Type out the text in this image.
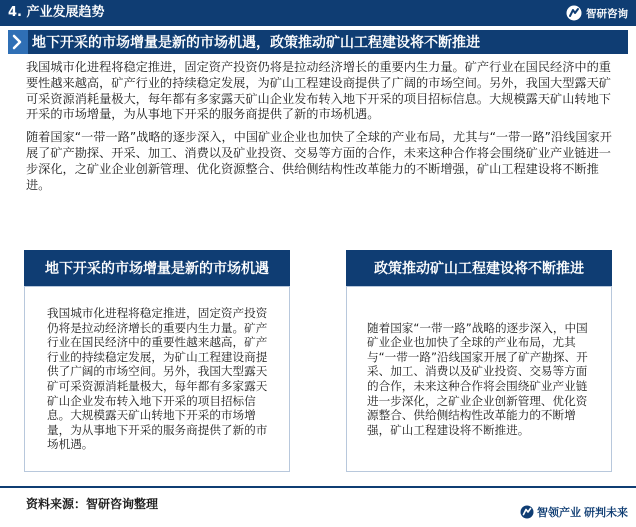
4. 产业发展趋势	智研咨询
地下开采的市场增量是新的市场机遇，政策推动矿山工程建设将不断推进

我国城市化进程将稳定推进，固定资产投资仍将是拉动经济增长的重要内生力量。矿产行业在国民经济中的重要性越来越高，矿产行业的持续稳定发展，为矿山工程建设商提供了广阔的市场空间。另外，我国大型露天矿可采资源消耗量极大，每年都有多家露天矿山企业发布转入地下开采的项目招标信息。大规模露天矿山转地下开采的市场增量，为从事地下开采的服务商提供了新的市场机遇。

随着国家“一带一路”战略的逐步深入，中国矿业企业也加快了全球的产业布局，尤其与“一带一路”沿线国家开展了矿产勘探、开采、加工、消费以及矿业投资、交易等方面的合作，未来这种合作将会围绕矿业产业链进一步深化，之矿业企业创新管理、优化资源整合、供给侧结构性改革能力的不断增强，矿山工程建设将不断推进。

地下开采的市场增量是新的市场机遇

我国城市化进程将稳定推进，固定资产投资仍将是拉动经济增长的重要内生力量。矿产行业在国民经济中的重要性越来越高，矿产行业的持续稳定发展，为矿山工程建设商提供了广阔的市场空间。另外，我国大型露天矿可采资源消耗量极大，每年都有多家露天矿山企业发布转入地下开采的项目招标信息。大规模露天矿山转地下开采的市场增量，为从事地下开采的服务商提供了新的市场机遇。

政策推动矿山工程建设将不断推进

随着国家“一带一路”战略的逐步深入，中国矿业企业也加快了全球的产业布局，尤其与“一带一路”沿线国家开展了矿产勘探、开采、加工、消费以及矿业投资、交易等方面的合作，未来这种合作将会围绕矿业产业链进一步深化，之矿业企业创新管理、优化资源整合、供给侧结构性改革能力的不断增强，矿山工程建设将不断推进。

资料来源：智研咨询整理
智领产业 研判未来
